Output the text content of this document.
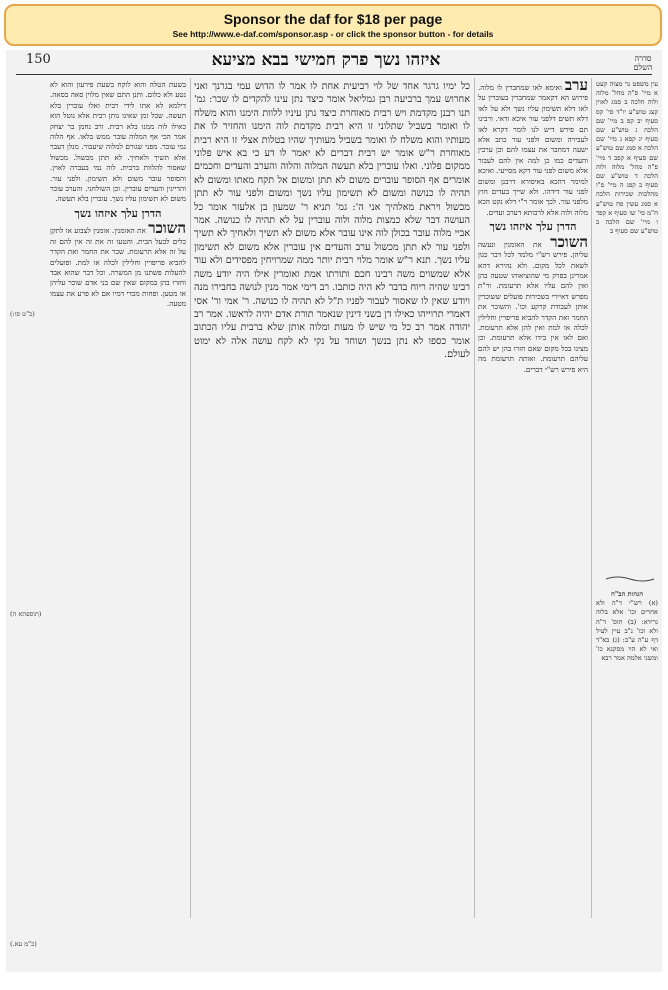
Sponsor the daf for $18 per page
See http://www.e-daf.com/sponsor.asp - or click the sponsor button - for details
150	איזהו נשך פרק חמישי בבא מציעא	סדרה השלם
עין משפט נר מצוה קעט א מיי' פ"ה מהל' מלוה ולוה הלכה ב סמג לאוין קצג טוש"ע יו"ד סי' קס סעיף יב קפ ב מיי' שם הלכה ג טוש"ע שם סעיף יג קפא ג מיי' שם הלכה א סמג שם טוש"ע שם סעיף א קפב ד מיי' פ"ה מהל' מלוה ולוה הלכה ד טוש"ע שם סעיף ב קפג ה מיי' פ"ו מהלכות שכירות הלכה א סמג עשין פח טוש"ע ח"מ סי' שו סעיף א קפד ו מיי' שם הלכה ב טוש"ע שם סעיף ב
הגהות הב"ח
(א) רש"י ד"ה ולא אחרים וכו' אלא בלוה גרידא: (ב) תוס' ד"ה ולא וכו' נ"ב עיין לעיל דף ע"ה ע"ב: (ג) בא"ד ואי לא הוי מסקנא כו' ומשני אלמה אמר רבא
ערב ואימא לאו שמחברין לו מלוה. פירוש הא דקאמר שמחברין בעוברין על לאו דלא תשימון עליו נשך ולא על לאו דלא תשים דלפני עור איכא ודאי. ורבינו תם פירש דיש לנו לומר דקרא לאו לעבירה ומשום ולפני עור כתב אלא ישעה דמחבר את עצמו להם וכן ערבין והעדים כמו כן למה אין להם לעבור אלא משום לפני עור דקא מסייעי. ואיכא למימר דהכא באיסורא דרבנן ומשום לפני עור דידהו. ולא שייך בעדים חוץ מלפני עור. לכך אומר ר"י דלא נקט הכא מלוה ולוה אלא לרבותא דערב ועדים.
הדרן עלך איזהו נשך
השוכר את האומנין ונעשה עליהן. פירש רש"י מלמד לכל דבר כגון לשאת לכל מקום. ולא נהירא דהא אמרינן בפרק מי שהוציאוהו שטעה בהן ואין להם עליו אלא תרעומת. ור"ת מפרש דאיירי בשכירות פועלים ששוכרין אותן לעבודת קרקע וכו'. והשוכר את החמר ואת הקדר להביא פריפרין וחלילין לכלה או למת ואין להן אלא תרעומת. ואם לאו אין בידו אלא תרעומת. וכן מצינו בכל מקום שאם חזרו בהן יש להם עליהם תרעומת. ואותה תרעומת מה היא פירש רש"י דברים.
כל ימיו גרגר אחד של לוי רביעית אחת לו אמר לו הדוש עמי בגרנך ואני אחרוש עמך ברביעה רבן גמליאל אומר כיצד נתן עינו להקדים לו שכר: גמ' תנו רבנן מקדמת ויש רבית מאוחרת כיצד נתן עיניו ללוות הימנו והוא משלח לו ואומר בשביל שתלוני זו היא רבית מקדמת לוה הימנו והחזיר לו את מעותיו והוא משלח לו ואומר בשביל מעותיך שהיו בטלות אצלי זו היא רבית מאוחרת ר"ש אומר יש רבית דברים לא יאמר לו דע כי בא איש פלוני ממקום פלוני. ואלו עוברין בלא תעשה המלוה והלוה והערב והעדים וחכמים אומרים אף הסופר עוברים משום לא תתן ומשום אל תקח מאתו ומשום לא תהיה לו כנושה ומשום לא תשימון עליו נשך ומשום ולפני עור לא תתן מכשול ויראת מאלהיך אני ה': גמ' תניא ר' שמעון בן אלעזר אומר כל העושה דבר שלא כמצות מלוה ולוה עוברין על לא תהיה לו כנושה. אמר אביי מלוה עובר בכולן לוה אינו עובר אלא משום לא תשיך ולאחיך לא תשיך ולפני עור לא תתן מכשול ערב והעדים אין עוברין אלא משום לא תשימון עליו נשך. תנא ר"ש אומר מלוי רבית יותר ממה שמרויחין מפסידים ולא עוד אלא שמשוים משה רבינו חכם ותורתו אמת ואומרין אילו היה יודע משה רבינו שהיה ריוח בדבר לא היה כותבו. רב דימי אמר מנין לנושה בחבירו מנה ויודע שאין לו שאסור לעבור לפניו ת"ל לא תהיה לו כנושה. ר' אמי ור' אסי דאמרי תרוייהו כאילו דן בשני דינין שנאמר תורת אדם יהיה לראשו. אמר רב יהודה אמר רב כל מי שיש לו מעות ומלוה אותן שלא ברבית עליו הכתוב אומר כספו לא נתן בנשך ושוחד על נקי לא לקח עושה אלה לא ימוט לעולם.
בשעת הטלה והוא לוקח בשעת פירעון והוא לא נטע ולא כלום. ותנן התם שאין מלוין סאה בסאה. דילמא לא אתו לידי רבית ואלו עוברין בלא תעשה. שכל זמן שאינו נותן רבית אלא נוטל הוא כאילו לוה ממנו בלא רבית. ורב נחמן בר יצחק אמר הכי אף המלוה עובר ממש בלאו. אף הלוה נמי עובר. מפני שגורם למלוה שיעבור. מנלן דעבר אלא תשיך ולאחיך. לא תתן מכשול. מכשול שאסור להלוות ברבית. לוה נמי בעברה לאוין. והסופר עובר משום ולא תשימון. ולפני עור. והדיינין והעדים עוברין. וכן השולחני. והערב עובר משום לא תשימון עליו נשך. עוברין בלא תעשה.
הדרן עלך איזהו נשך
השוכר את האומנין. אומנין לצבוע או לתקן כלים לבעל הבית. והטעו זה את זה אין להם זה על זה אלא תרעומת. שכר את החמר ואת הקדר להביא פריפרין וחלילין לכלה או למת. ופועלים להעלות פשתנו מן המשרה. וכל דבר שהוא אבד וחזרו בהן במקום שאין שם בני אדם שוכר עליהן או מטען. ופחות מכדי דמיו אם לא פרע את עצמו מטעה.
(כ"ט סו:)
(תוספתא ה)
(כ"מ עא.)
